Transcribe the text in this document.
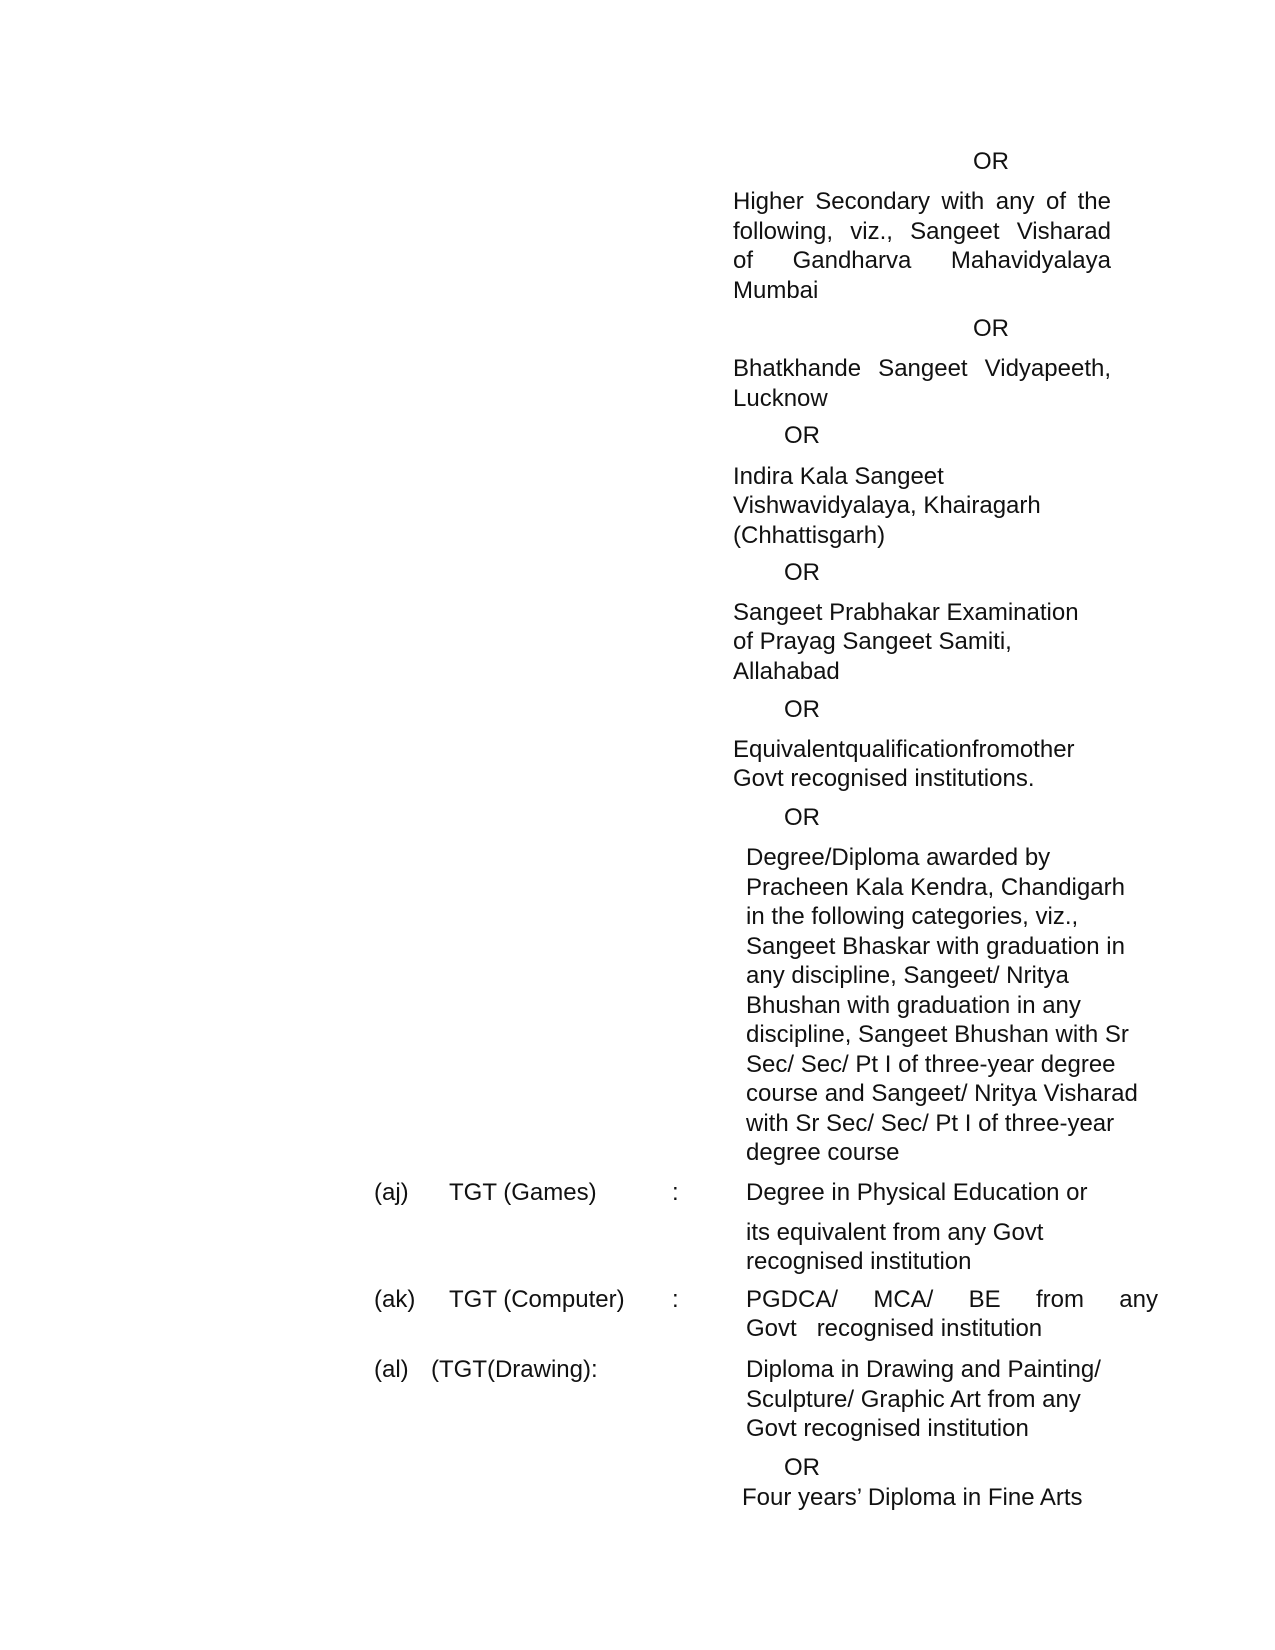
OR
Higher Secondary with any of the
following, viz., Sangeet Visharad
of Gandharva Mahavidyalaya
Mumbai
OR
Bhatkhande Sangeet Vidyapeeth,
Lucknow
OR
Indira Kala Sangeet
Vishwavidyalaya, Khairagarh
(Chhattisgarh)
OR
Sangeet Prabhakar Examination
of Prayag Sangeet Samiti,
Allahabad
OR
Equivalentqualificationfromother
Govt recognised institutions.
OR
Degree/Diploma awarded by
Pracheen Kala Kendra, Chandigarh
in the following categories, viz.,
Sangeet Bhaskar with graduation in
any discipline, Sangeet/ Nritya
Bhushan with graduation in any
discipline, Sangeet Bhushan with Sr
Sec/ Sec/ Pt I of three-year degree
course and Sangeet/ Nritya Visharad
with Sr Sec/ Sec/ Pt I of three-year
degree course
(aj) TGT (Games)	:	Degree in Physical Education or
its equivalent from any Govt
recognised institution
(ak) TGT (Computer) :	PGDCA/ MCA/ BE from any
Govt   recognised institution
(al) (TGT(Drawing):	Diploma in Drawing and Painting/
Sculpture/ Graphic Art from any
Govt recognised institution
OR
Four years’ Diploma in Fine Arts
